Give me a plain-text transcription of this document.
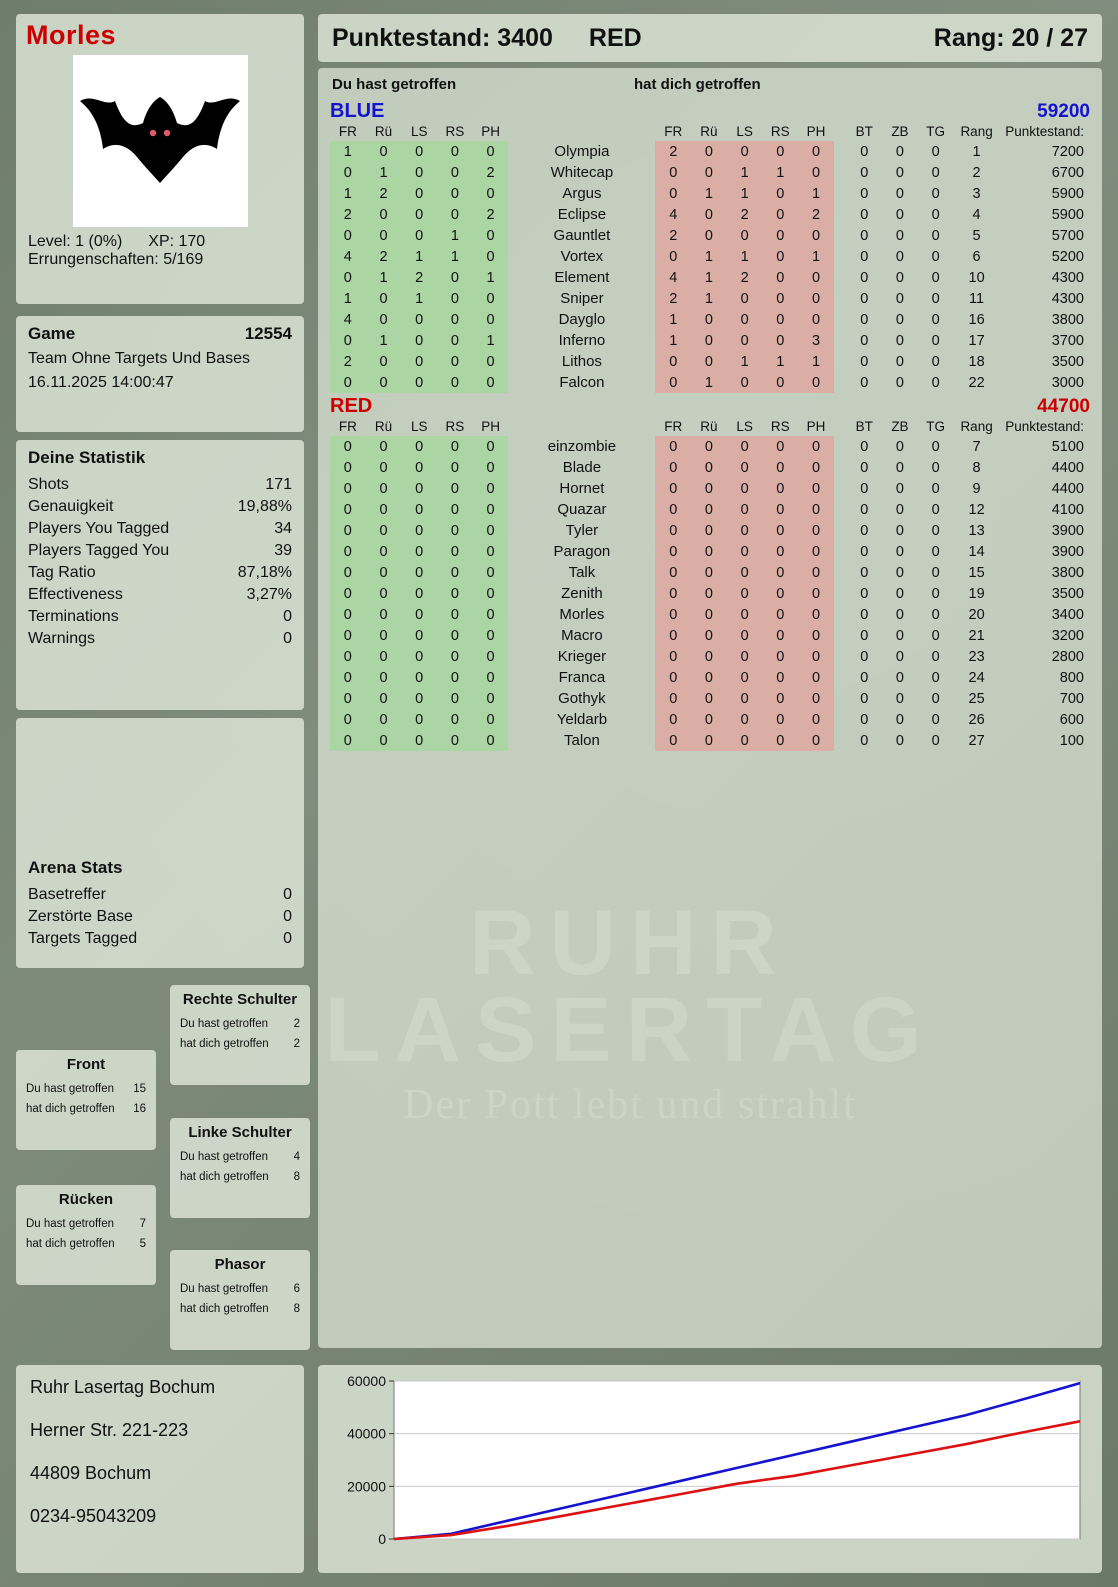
Morles
Level: 1 (0%) XP: 170
Errungenschaften: 5/169
Punktestand: 3400 RED	Rang: 20 / 27
Du hast getroffen	hat dich getroffen
BLUE	59200
FR	Rü	LS	RS	PH		FR	Rü	LS	RS	PH		BT	ZB	TG	Rang	Punktestand:
1	0	0	0	0	Olympia	2	0	0	0	0		0	0	0	1	7200
0	1	0	0	2	Whitecap	0	0	1	1	0		0	0	0	2	6700
1	2	0	0	0	Argus	0	1	1	0	1		0	0	0	3	5900
2	0	0	0	2	Eclipse	4	0	2	0	2		0	0	0	4	5900
0	0	0	1	0	Gauntlet	2	0	0	0	0		0	0	0	5	5700
4	2	1	1	0	Vortex	0	1	1	0	1		0	0	0	6	5200
0	1	2	0	1	Element	4	1	2	0	0		0	0	0	10	4300
1	0	1	0	0	Sniper	2	1	0	0	0		0	0	0	11	4300
4	0	0	0	0	Dayglo	1	0	0	0	0		0	0	0	16	3800
0	1	0	0	1	Inferno	1	0	0	0	3		0	0	0	17	3700
2	0	0	0	0	Lithos	0	0	1	1	1		0	0	0	18	3500
0	0	0	0	0	Falcon	0	1	0	0	0		0	0	0	22	3000
RED	44700
FR	Rü	LS	RS	PH		FR	Rü	LS	RS	PH		BT	ZB	TG	Rang	Punktestand:
0	0	0	0	0	einzombie	0	0	0	0	0		0	0	0	7	5100
0	0	0	0	0	Blade	0	0	0	0	0		0	0	0	8	4400
0	0	0	0	0	Hornet	0	0	0	0	0		0	0	0	9	4400
0	0	0	0	0	Quazar	0	0	0	0	0		0	0	0	12	4100
0	0	0	0	0	Tyler	0	0	0	0	0		0	0	0	13	3900
0	0	0	0	0	Paragon	0	0	0	0	0		0	0	0	14	3900
0	0	0	0	0	Talk	0	0	0	0	0		0	0	0	15	3800
0	0	0	0	0	Zenith	0	0	0	0	0		0	0	0	19	3500
0	0	0	0	0	Morles	0	0	0	0	0		0	0	0	20	3400
0	0	0	0	0	Macro	0	0	0	0	0		0	0	0	21	3200
0	0	0	0	0	Krieger	0	0	0	0	0		0	0	0	23	2800
0	0	0	0	0	Franca	0	0	0	0	0		0	0	0	24	800
0	0	0	0	0	Gothyk	0	0	0	0	0		0	0	0	25	700
0	0	0	0	0	Yeldarb	0	0	0	0	0		0	0	0	26	600
0	0	0	0	0	Talon	0	0	0	0	0		0	0	0	27	100
Game	12554
Team Ohne Targets Und Bases
16.11.2025 14:00:47
Deine Statistik
Shots	171
Genauigkeit	19,88%
Players You Tagged	34
Players Tagged You	39
Tag Ratio	87,18%
Effectiveness	3,27%
Terminations	0
Warnings	0
Arena Stats
Basetreffer	0
Zerstörte Base	0
Targets Tagged	0
Rechte Schulter
Du hast getroffen 2
hat dich getroffen 2
Front
Du hast getroffen 15
hat dich getroffen 16
Linke Schulter
Du hast getroffen 4
hat dich getroffen 8
Rücken
Du hast getroffen 7
hat dich getroffen 5
Phasor
Du hast getroffen 6
hat dich getroffen 8
Ruhr Lasertag Bochum
Herner Str. 221-223
44809 Bochum
0234-95043209
0
20000
40000
60000
